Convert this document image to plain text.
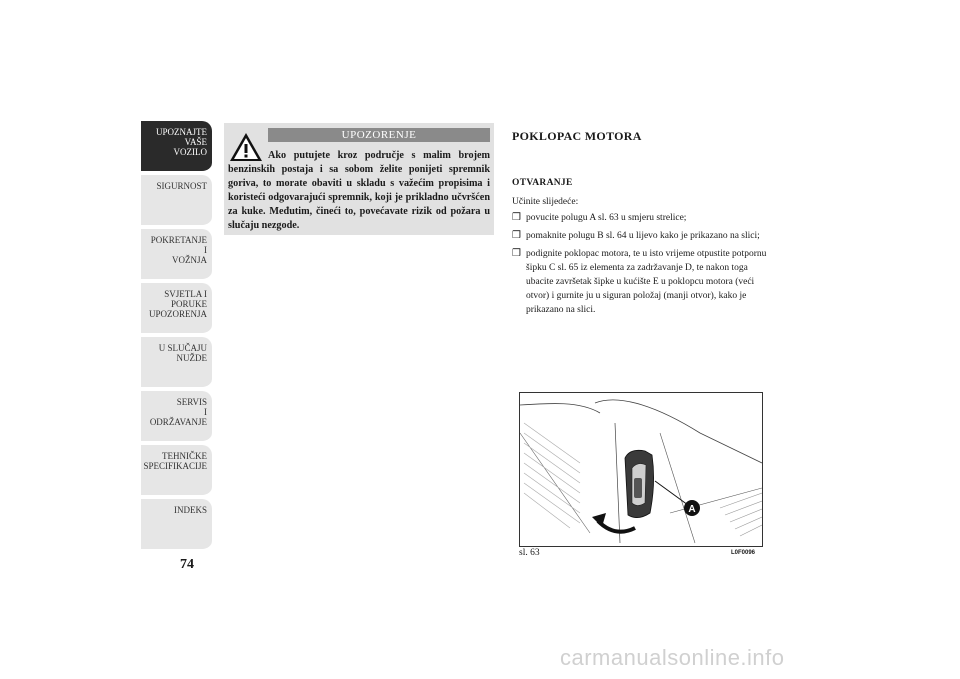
UPOZNAJTE
VAŠE
VOZILO
SIGURNOST
POKRETANJE
I
VOŽNJA
SVJETLA I
PORUKE
UPOZORENJA
U SLUČAJU
NUŽDE
SERVIS
I
ODRŽAVANJE
TEHNIČKE
SPECIFIKACIJE
INDEKS
74
UPOZORENJE
Ako putujete kroz područje s malim brojem benzinskih postaja i sa sobom želite ponijeti spremnik goriva, to morate obaviti u skladu s važećim propisima i koristeći odgovarajući spremnik, koji je prikladno učvršćen za kuke. Međutim, čineći to, povećavate rizik od požara u slučaju nezgode.
POKLOPAC MOTORA
OTVARANJE
Učinite slijedeće:
❒ povucite polugu A sl. 63 u smjeru strelice;
❒ pomaknite polugu B sl. 64 u lijevo kako je prikazano na slici;
❒ podignite poklopac motora, te u isto vrijeme otpustite potpornu šipku C sl. 65 iz elementa za zadržavanje D, te nakon toga ubacite završetak šipke u kućište E u poklopcu motora (veći otvor) i gurnite ju u siguran položaj (manji otvor), kako je prikazano na slici.
A
sl. 63	L0F0096
carmanualsonline.info
